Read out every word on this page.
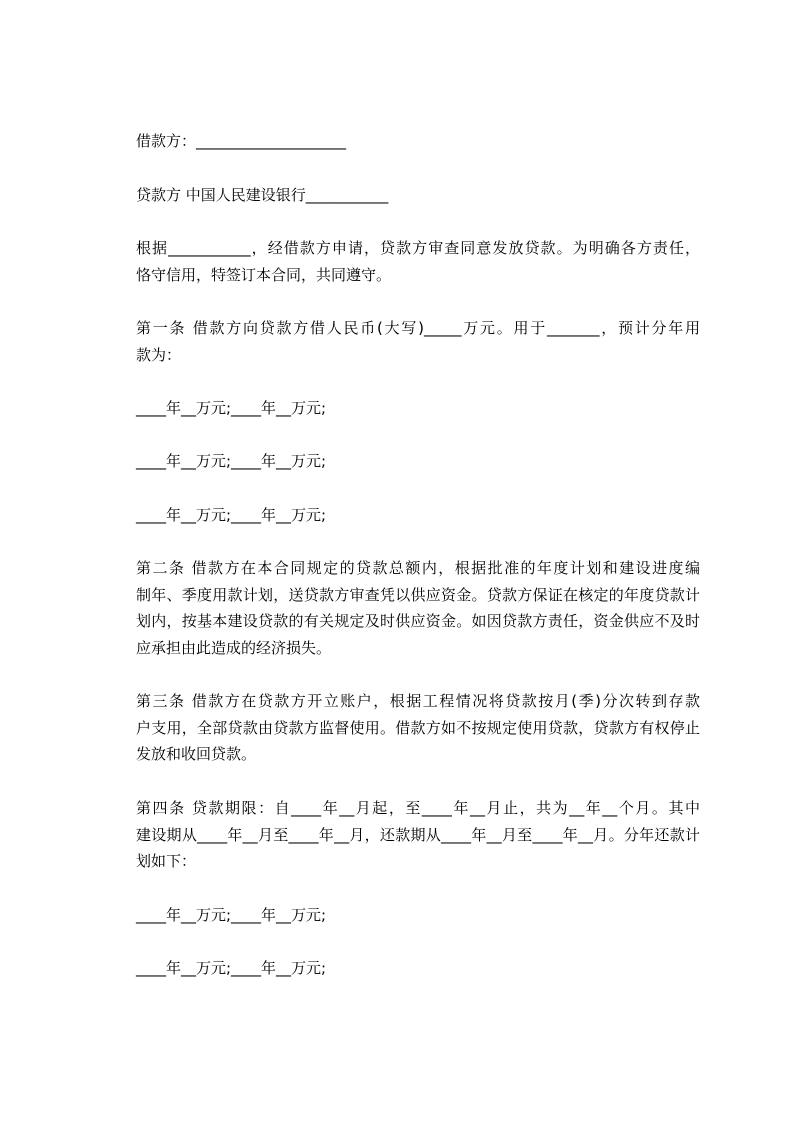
借款方：____________________
贷款方 中国人民建设银行___________
根据___________，经借款方申请，贷款方审查同意发放贷款。为明确各方责任，
恪守信用，特签订本合同，共同遵守。
第一条 借款方向贷款方借人民币(大写)_____万元。用于_______，预计分年用
款为：
____年__万元;____年__万元;
____年__万元;____年__万元;
____年__万元;____年__万元;
第二条 借款方在本合同规定的贷款总额内，根据批准的年度计划和建设进度编
制年、季度用款计划，送贷款方审查凭以供应资金。贷款方保证在核定的年度贷款计
划内，按基本建设贷款的有关规定及时供应资金。如因贷款方责任，资金供应不及时
应承担由此造成的经济损失。
第三条 借款方在贷款方开立账户，根据工程情况将贷款按月(季)分次转到存款
户支用，全部贷款由贷款方监督使用。借款方如不按规定使用贷款，贷款方有权停止
发放和收回贷款。
第四条 贷款期限：自____年__月起，至____年__月止，共为__年__个月。其中
建设期从____年__月至____年__月，还款期从____年__月至____年__月。分年还款计
划如下：
____年__万元;____年__万元;
____年__万元;____年__万元;
